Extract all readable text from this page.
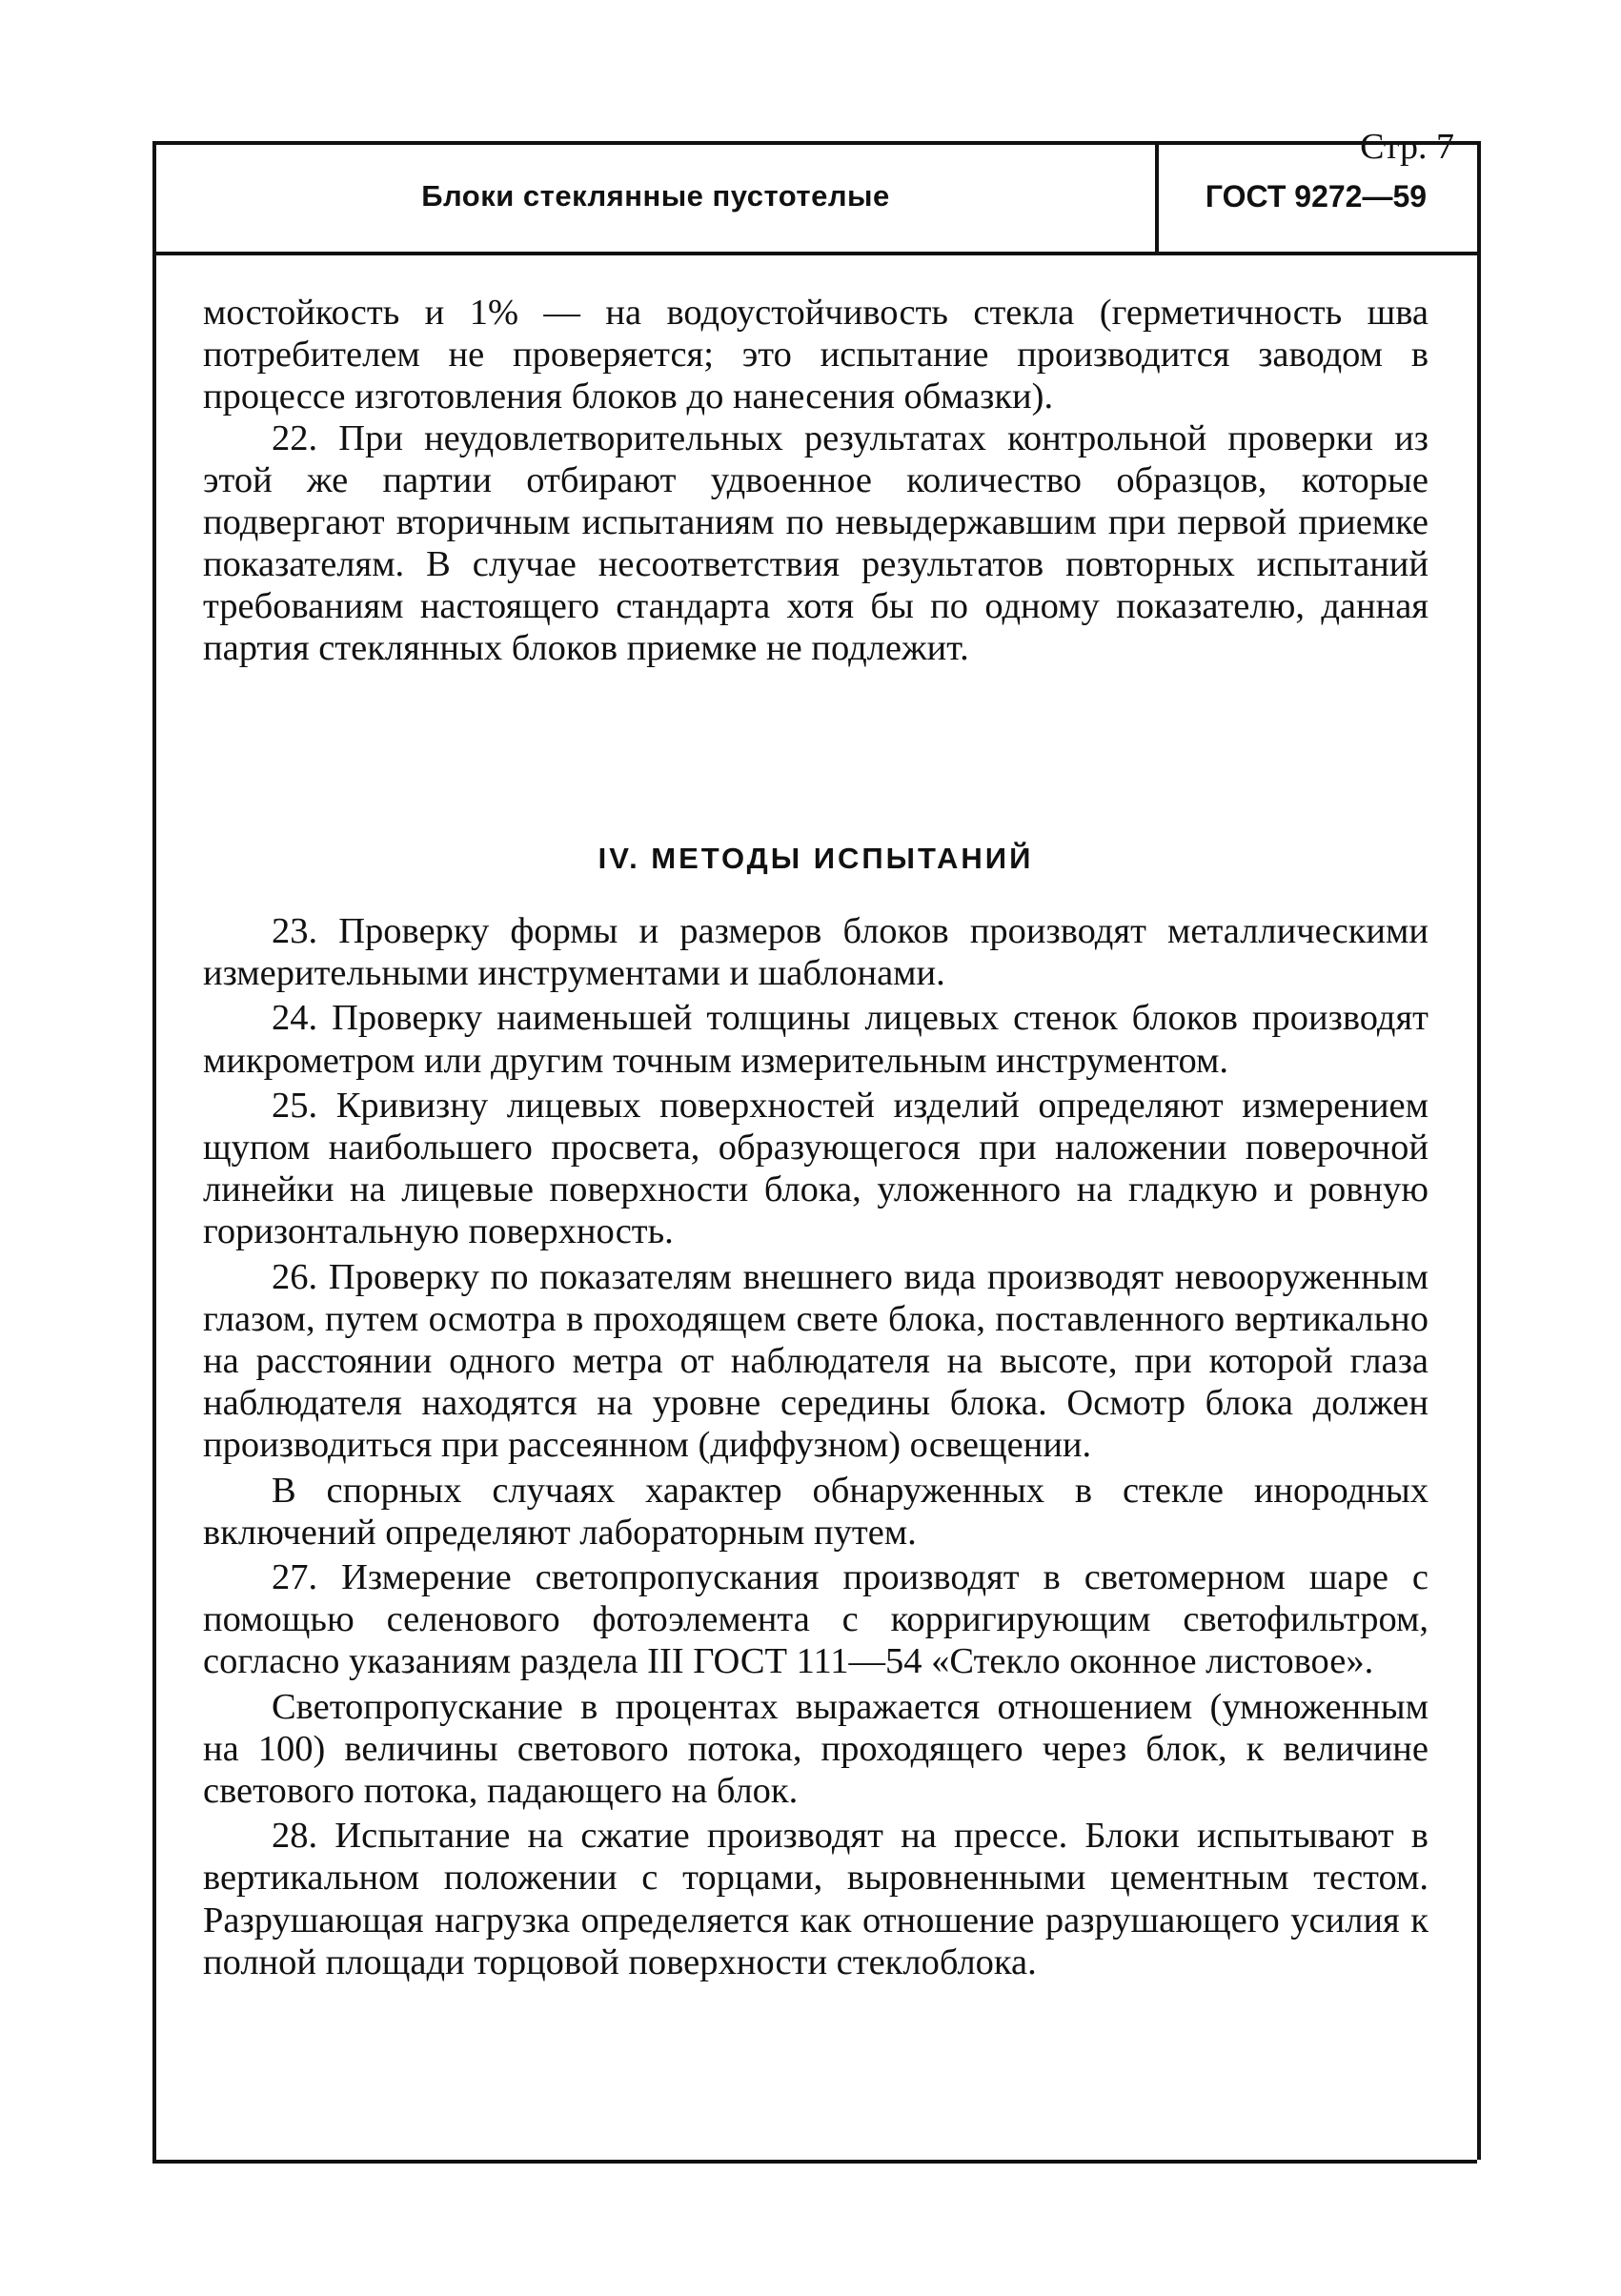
Стр. 7
Блоки стеклянные пустотелые	ГОСТ 9272—59

мостойкость и 1% — на водоустойчивость стекла (герметичность шва потребителем не проверяется; это испытание производится заводом в процессе изготовления блоков до нанесения обмазки).

22. При неудовлетворительных результатах контрольной проверки из этой же партии отбирают удвоенное количество образцов, которые подвергают вторичным испытаниям по невыдержавшим при первой приемке показателям. В случае несоответствия результатов повторных испытаний требованиям настоящего стандарта хотя бы по одному показателю, данная партия стеклянных блоков приемке не подлежит.

IV. МЕТОДЫ ИСПЫТАНИЙ

23. Проверку формы и размеров блоков производят металлическими измерительными инструментами и шаблонами.

24. Проверку наименьшей толщины лицевых стенок блоков производят микрометром или другим точным измерительным инструментом.

25. Кривизну лицевых поверхностей изделий определяют измерением щупом наибольшего просвета, образующегося при наложении поверочной линейки на лицевые поверхности блока, уложенного на гладкую и ровную горизонтальную поверхность.

26. Проверку по показателям внешнего вида производят невооруженным глазом, путем осмотра в проходящем свете блока, поставленного вертикально на расстоянии одного метра от наблюдателя на высоте, при которой глаза наблюдателя находятся на уровне середины блока. Осмотр блока должен производиться при рассеянном (диффузном) освещении.

В спорных случаях характер обнаруженных в стекле инородных включений определяют лабораторным путем.

27. Измерение светопропускания производят в светомерном шаре с помощью селенового фотоэлемента с корригирующим светофильтром, согласно указаниям раздела III ГОСТ 111—54 «Стекло оконное листовое».

Светопропускание в процентах выражается отношением (умноженным на 100) величины светового потока, проходящего через блок, к величине светового потока, падающего на блок.

28. Испытание на сжатие производят на прессе. Блоки испытывают в вертикальном положении с торцами, выровненными цементным тестом. Разрушающая нагрузка определяется как отношение разрушающего усилия к полной площади торцовой поверхности стеклоблока.
